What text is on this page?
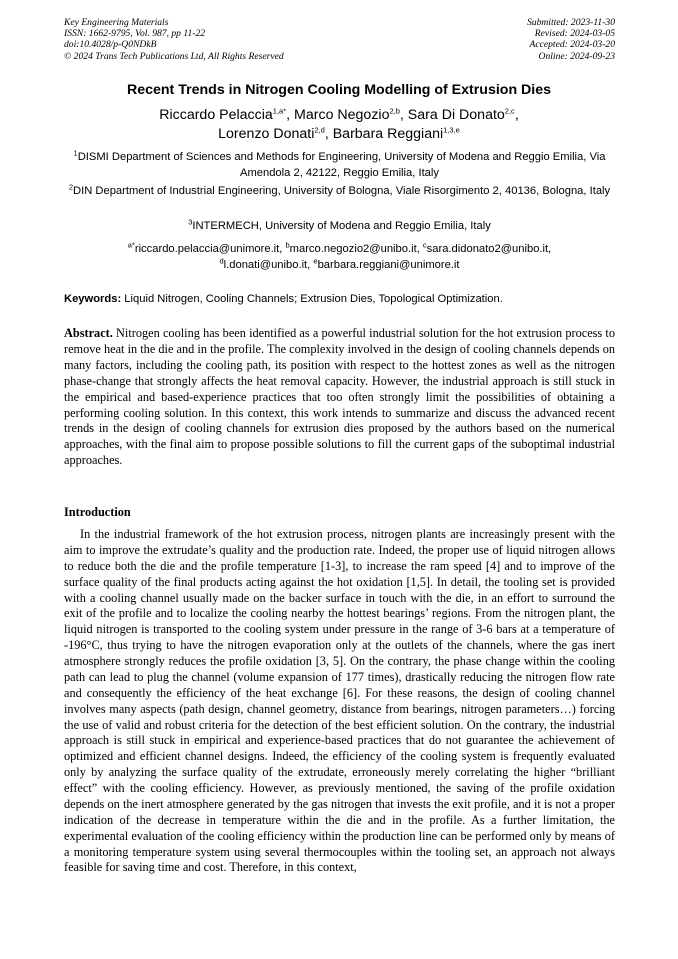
Key Engineering Materials
ISSN: 1662-9795, Vol. 987, pp 11-22
doi:10.4028/p-Q0NDkB
© 2024 Trans Tech Publications Ltd, All Rights Reserved
Submitted: 2023-11-30
Revised: 2024-03-05
Accepted: 2024-03-20
Online: 2024-09-23
Recent Trends in Nitrogen Cooling Modelling of Extrusion Dies
Riccardo Pelaccia$^{1,a*}$, Marco Negozio$^{2,b}$, Sara Di Donato$^{2,c}$,
Lorenzo Donati$^{2,d}$, Barbara Reggiani$^{1,3,e}$
$^1$DISMI Department of Sciences and Methods for Engineering, University of Modena and Reggio Emilia, Via Amendola 2, 42122, Reggio Emilia, Italy
$^2$DIN Department of Industrial Engineering, University of Bologna, Viale Risorgimento 2, 40136, Bologna, Italy
$^3$INTERMECH, University of Modena and Reggio Emilia, Italy
$^{a*}$riccardo.pelaccia@unimore.it, $^b$marco.negozio2@unibo.it, $^c$sara.didonato2@unibo.it,
$^d$l.donati@unibo.it, $^e$barbara.reggiani@unimore.it
Keywords: Liquid Nitrogen, Cooling Channels; Extrusion Dies, Topological Optimization.

Abstract. Nitrogen cooling has been identified as a powerful industrial solution for the hot extrusion process to remove heat in the die and in the profile. The complexity involved in the design of cooling channels depends on many factors, including the cooling path, its position with respect to the hottest zones as well as the nitrogen phase-change that strongly affects the heat removal capacity. However, the industrial approach is still stuck in the empirical and based-experience practices that too often strongly limit the possibilities of obtaining a performing cooling solution. In this context, this work intends to summarize and discuss the advanced recent trends in the design of cooling channels for extrusion dies proposed by the authors based on the numerical approaches, with the final aim to propose possible solutions to fill the current gaps of the suboptimal industrial approaches.

Introduction

In the industrial framework of the hot extrusion process, nitrogen plants are increasingly present with the aim to improve the extrudate’s quality and the production rate. Indeed, the proper use of liquid nitrogen allows to reduce both the die and the profile temperature [1-3], to increase the ram speed [4] and to improve of the surface quality of the final products acting against the hot oxidation [1,5]. In detail, the tooling set is provided with a cooling channel usually made on the backer surface in touch with the die, in an effort to surround the exit of the profile and to localize the cooling nearby the hottest bearings’ regions. From the nitrogen plant, the liquid nitrogen is transported to the cooling system under pressure in the range of 3-6 bars at a temperature of -196°C, thus trying to have the nitrogen evaporation only at the outlets of the channels, where the gas inert atmosphere strongly reduces the profile oxidation [3, 5]. On the contrary, the phase change within the cooling path can lead to plug the channel (volume expansion of 177 times), drastically reducing the nitrogen flow rate and consequently the efficiency of the heat exchange [6]. For these reasons, the design of cooling channel involves many aspects (path design, channel geometry, distance from bearings, nitrogen parameters…) forcing the use of valid and robust criteria for the detection of the best efficient solution. On the contrary, the industrial approach is still stuck in empirical and experience-based practices that do not guarantee the achievement of optimized and efficient channel designs. Indeed, the efficiency of the cooling system is frequently evaluated only by analyzing the surface quality of the extrudate, erroneously merely correlating the higher “brilliant effect” with the cooling efficiency. However, as previously mentioned, the saving of the profile oxidation depends on the inert atmosphere generated by the gas nitrogen that invests the exit profile, and it is not a proper indication of the decrease in temperature within the die and in the profile. As a further limitation, the experimental evaluation of the cooling efficiency within the production line can be performed only by means of a monitoring temperature system using several thermocouples within the tooling set, an approach not always feasible for saving time and cost. Therefore, in this context,
